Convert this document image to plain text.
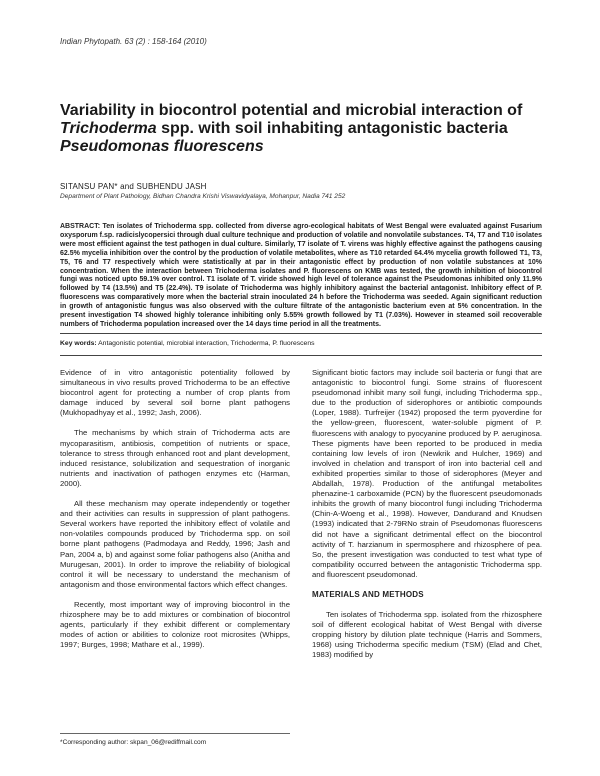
Indian Phytopath. 63 (2) : 158-164 (2010)
Variability in biocontrol potential and microbial interaction of
Trichoderma spp. with soil inhabiting antagonistic bacteria
Pseudomonas fluorescens
SITANSU PAN* and SUBHENDU JASH
Department of Plant Pathology, Bidhan Chandra Krishi Viswavidyalaya, Mohanpur, Nadia 741 252
ABSTRACT: Ten isolates of Trichoderma spp. collected from diverse agro-ecological habitats of West Bengal were evaluated against Fusarium oxysporum f.sp. radicislycopersici through dual culture technique and production of volatile and nonvolatile substances. T4, T7 and T10 isolates were most efficient against the test pathogen in dual culture. Similarly, T7 isolate of T. virens was highly effective against the pathogens causing 62.5% mycelia inhibition over the control by the production of volatile metabolites, where as T10 retarded 64.4% mycelia growth followed T1, T3, T5, T6 and T7 respectively which were statistically at par in their antagonistic effect by production of non volatile substances at 10% concentration. When the interaction between Trichoderma isolates and P. fluorescens on KMB was tested, the growth inhibition of biocontrol fungi was noticed upto 59.1% over control. T1 isolate of T. viride showed high level of tolerance against the Pseudomonas inhibited only 11.9% followed by T4 (13.5%) and T5 (22.4%). T9 isolate of Trichoderma was highly inhibitory against the bacterial antagonist. Inhibitory effect of P. fluorescens was comparatively more when the bacterial strain inoculated 24 h before the Trichoderma was seeded. Again significant reduction in growth of antagonistic fungus was also observed with the culture filtrate of the antagonistic bacterium even at 5% concentration. In the present investigation T4 showed highly tolerance inhibiting only 5.55% growth followed by T1 (7.03%). However in steamed soil recoverable numbers of Trichoderma population increased over the 14 days time period in all the treatments.
Key words: Antagonistic potential, microbial interaction, Trichoderma, P. fluorescens

Evidence of in vitro antagonistic potentiality followed by simultaneous in vivo results proved Trichoderma to be an effective biocontrol agent for protecting a number of crop plants from damage induced by several soil borne plant pathogens (Mukhopadhyay et al., 1992; Jash, 2006).

The mechanisms by which strain of Trichoderma acts are mycoparasitism, antibiosis, competition of nutrients or space, tolerance to stress through enhanced root and plant development, induced resistance, solubilization and sequestration of inorganic nutrients and inactivation of pathogen enzymes etc (Harman, 2000).

All these mechanism may operate independently or together and their activities can results in suppression of plant pathogens. Several workers have reported the inhibitory effect of volatile and non-volatiles compounds produced by Trichoderma spp. on soil borne plant pathogens (Padmodaya and Reddy, 1996; Jash and Pan, 2004 a, b) and against some foliar pathogens also (Anitha and Murugesan, 2001). In order to improve the reliability of biological control it will be necessary to understand the mechanism of antagonism and those environmental factors which effect changes.

Recently, most important way of improving biocontrol in the rhizosphere may be to add mixtures or combination of biocontrol agents, particularly if they exhibit different or complementary modes of action or abilities to colonize root microsites (Whipps, 1997; Burges, 1998; Mathare et al., 1999).

Significant biotic factors may include soil bacteria or fungi that are antagonistic to biocontrol fungi. Some strains of fluorescent pseudomonad inhibit many soil fungi, including Trichoderma spp., due to the production of siderophores or antibiotic compounds (Loper, 1988). Turfreijer (1942) proposed the term pyoverdine for the yellow-green, fluorescent, water-soluble pigment of P. fluorescens with analogy to pyocyanine produced by P. aeruginosa. These pigments have been reported to be produced in media containing low levels of iron (Newkrik and Hulcher, 1969) and involved in chelation and transport of iron into bacterial cell and exhibited properties similar to those of siderophores (Meyer and Abdallah, 1978). Production of the antifungal metabolites phenazine-1 carboxamide (PCN) by the fluorescent pseudomonads inhibits the growth of many biocontrol fungi including Trichoderma (Chin-A-Woeng et al., 1998). However, Dandurand and Knudsen (1993) indicated that 2-79RNo strain of Pseudomonas fluorescens did not have a significant detrimental effect on the biocontrol activity of T. harzianum in spermosphere and rhizosphere of pea. So, the present investigation was conducted to test what type of compatibility occurred between the antagonistic Trichoderma spp. and fluorescent pseudomonad.

MATERIALS AND METHODS

Ten isolates of Trichoderma spp. isolated from the rhizosphere soil of different ecological habitat of West Bengal with diverse cropping history by dilution plate technique (Harris and Sommers, 1968) using Trichoderma specific medium (TSM) (Elad and Chet, 1983) modified by

*Corresponding author: skpan_06@rediffmail.com
